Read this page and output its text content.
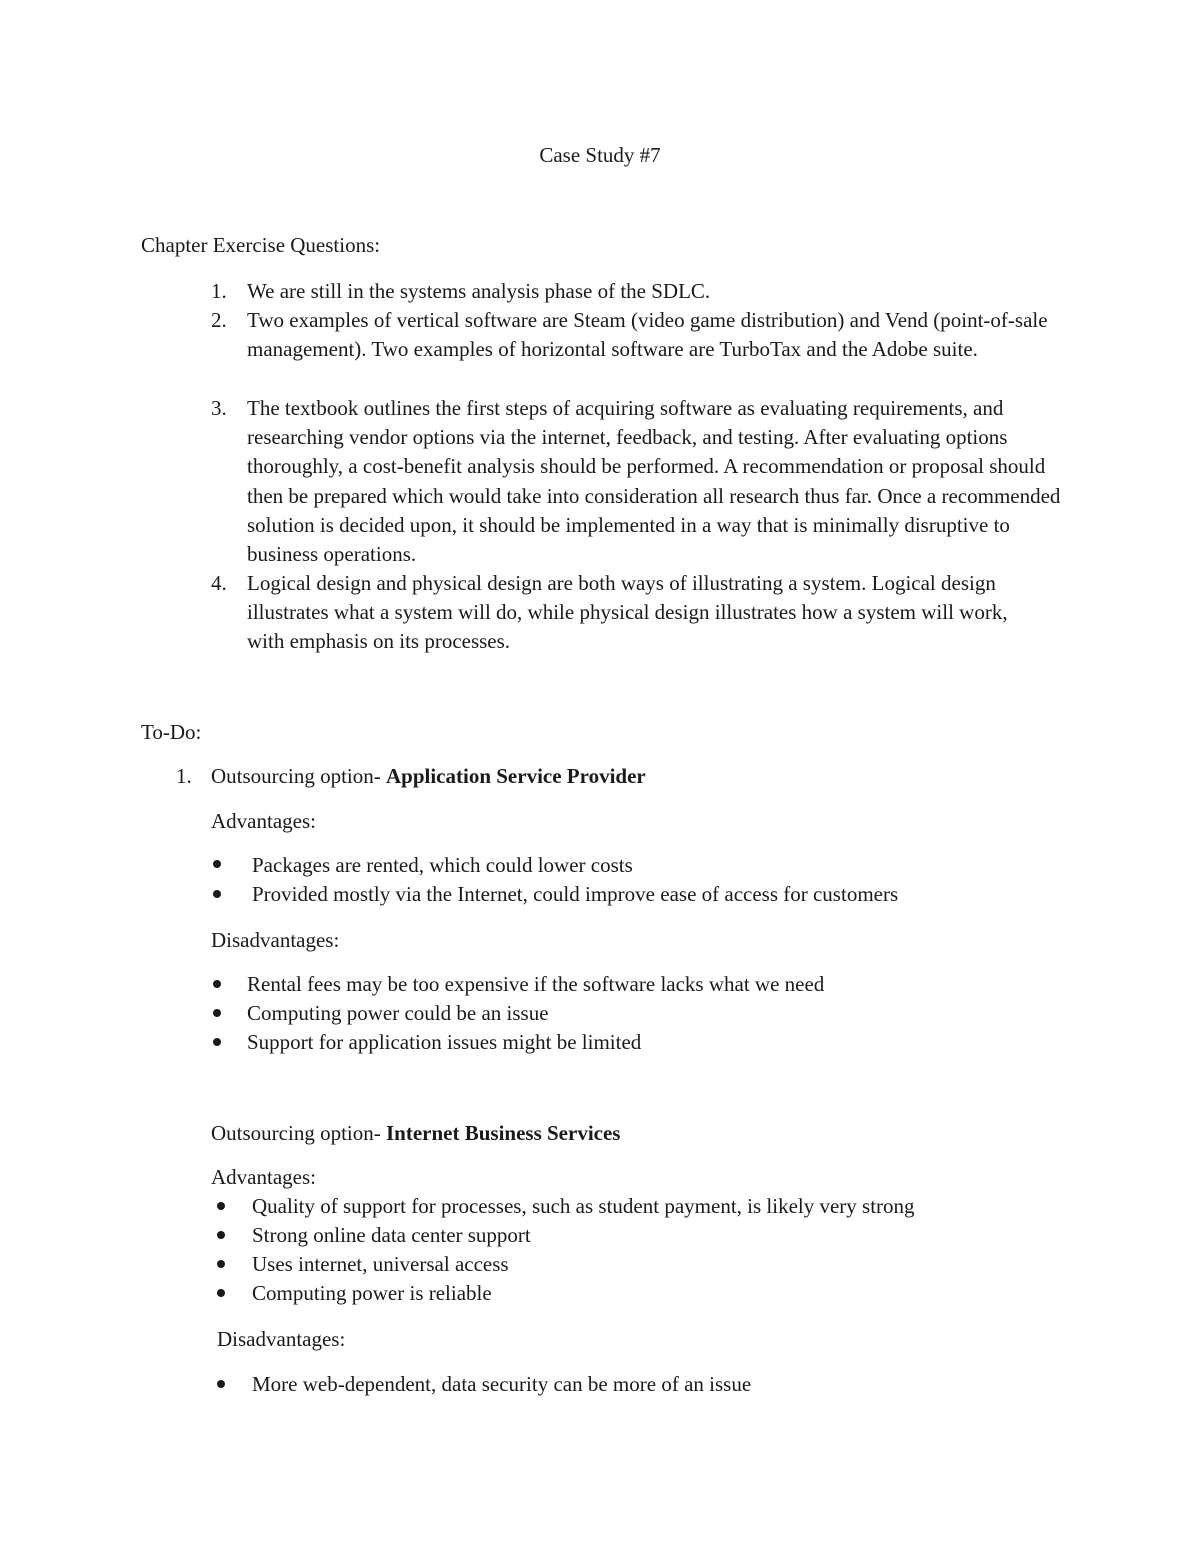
Case Study #7
Chapter Exercise Questions:
1. We are still in the systems analysis phase of the SDLC.
2. Two examples of vertical software are Steam (video game distribution) and Vend (point-of-sale management). Two examples of horizontal software are TurboTax and the Adobe suite.
3. The textbook outlines the first steps of acquiring software as evaluating requirements, and researching vendor options via the internet, feedback, and testing. After evaluating options thoroughly, a cost-benefit analysis should be performed. A recommendation or proposal should then be prepared which would take into consideration all research thus far. Once a recommended solution is decided upon, it should be implemented in a way that is minimally disruptive to business operations.
4. Logical design and physical design are both ways of illustrating a system. Logical design illustrates what a system will do, while physical design illustrates how a system will work, with emphasis on its processes.
To-Do:
1. Outsourcing option- Application Service Provider
Advantages:
Packages are rented, which could lower costs
Provided mostly via the Internet, could improve ease of access for customers
Disadvantages:
Rental fees may be too expensive if the software lacks what we need
Computing power could be an issue
Support for application issues might be limited
Outsourcing option- Internet Business Services
Advantages:
Quality of support for processes, such as student payment, is likely very strong
Strong online data center support
Uses internet, universal access
Computing power is reliable
Disadvantages:
More web-dependent, data security can be more of an issue
